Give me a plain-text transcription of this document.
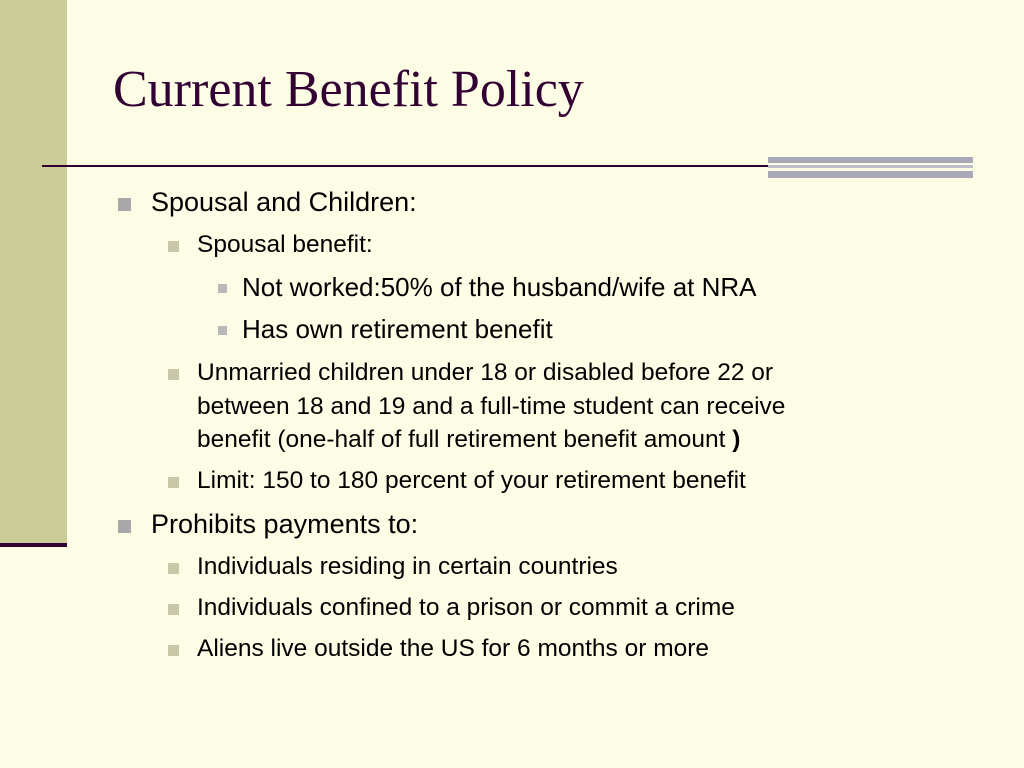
Current Benefit Policy
Spousal and Children:
Spousal benefit:
Not worked:50% of the husband/wife at NRA
Has own retirement benefit
Unmarried children under 18 or disabled before 22 or
between 18 and 19 and a full-time student can receive
benefit (one-half of full retirement benefit amount )
Limit: 150 to 180 percent of your retirement benefit
Prohibits payments to:
Individuals residing in certain countries
Individuals confined to a prison or commit a crime
Aliens live outside the US for 6 months or more
